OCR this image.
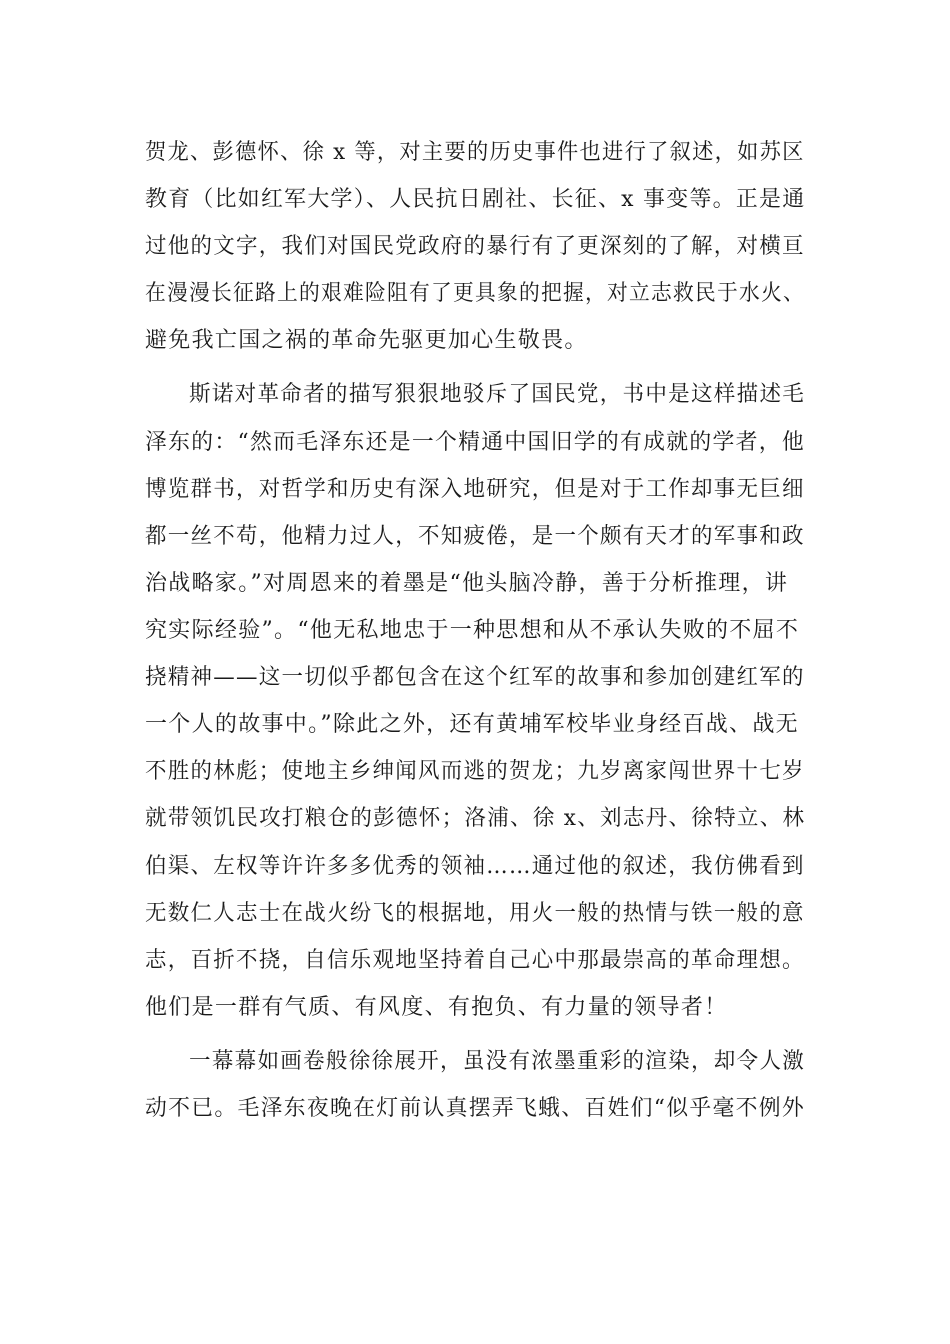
贺龙、彭德怀、徐 x 等，对主要的历史事件也进行了叙述，如苏区
教育（比如红军大学）、人民抗日剧社、长征、x 事变等。正是通
过他的文字，我们对国民党政府的暴行有了更深刻的了解，对横亘
在漫漫长征路上的艰难险阻有了更具象的把握，对立志救民于水火、
避免我亡国之祸的革命先驱更加心生敬畏。
斯诺对革命者的描写狠狠地驳斥了国民党，书中是这样描述毛
泽东的：“然而毛泽东还是一个精通中国旧学的有成就的学者，他
博览群书，对哲学和历史有深入地研究，但是对于工作却事无巨细
都一丝不苟，他精力过人，不知疲倦，是一个颇有天才的军事和政
治战略家。”对周恩来的着墨是“他头脑冷静，善于分析推理，讲
究实际经验”。“他无私地忠于一种思想和从不承认失败的不屈不
挠精神——这一切似乎都包含在这个红军的故事和参加创建红军的
一个人的故事中。”除此之外，还有黄埔军校毕业身经百战、战无
不胜的林彪；使地主乡绅闻风而逃的贺龙；九岁离家闯世界十七岁
就带领饥民攻打粮仓的彭德怀；洛浦、徐 x、刘志丹、徐特立、林
伯渠、左权等许许多多优秀的领袖……通过他的叙述，我仿佛看到
无数仁人志士在战火纷飞的根据地，用火一般的热情与铁一般的意
志，百折不挠，自信乐观地坚持着自己心中那最崇高的革命理想。
他们是一群有气质、有风度、有抱负、有力量的领导者！
一幕幕如画卷般徐徐展开，虽没有浓墨重彩的渲染，却令人激
动不已。毛泽东夜晚在灯前认真摆弄飞蛾、百姓们“似乎毫不例外
